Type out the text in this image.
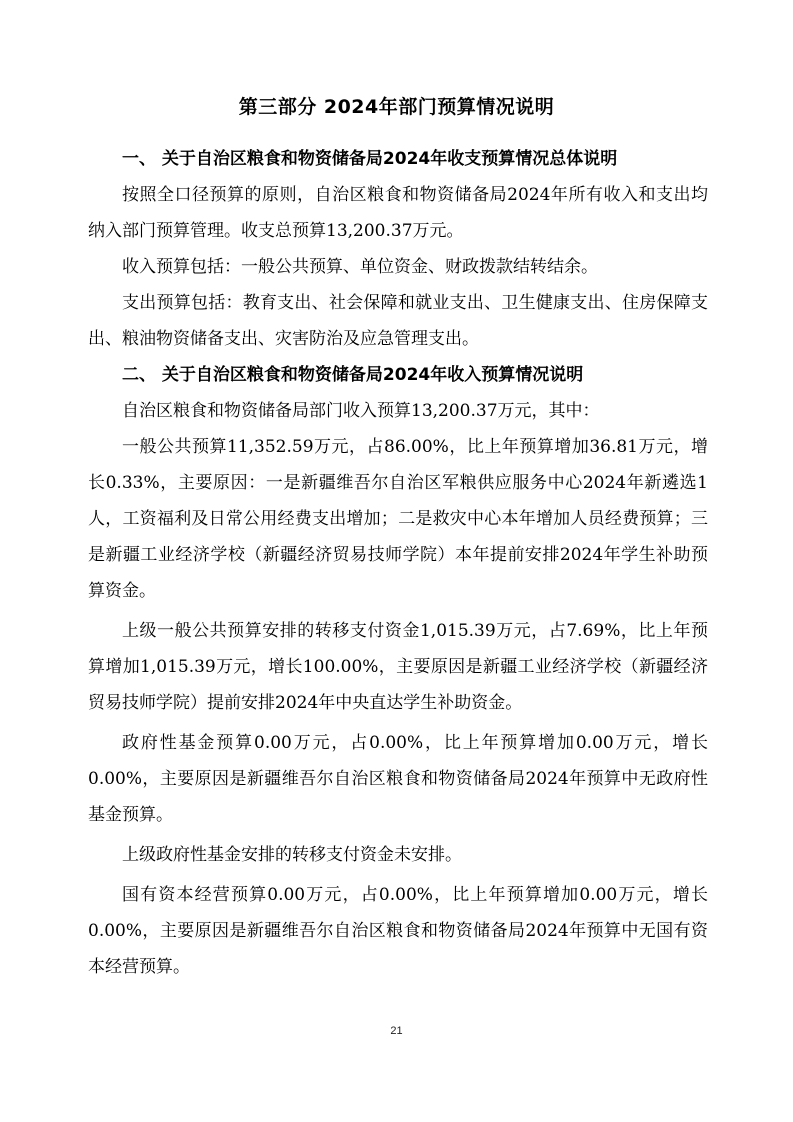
第三部分 2024年部门预算情况说明
一、 关于自治区粮食和物资储备局2024年收支预算情况总体说明

按照全口径预算的原则，自治区粮食和物资储备局2024年所有收入和支出均纳入部门预算管理。收支总预算13,200.37万元。

收入预算包括：一般公共预算、单位资金、财政拨款结转结余。

支出预算包括：教育支出、社会保障和就业支出、卫生健康支出、住房保障支出、粮油物资储备支出、灾害防治及应急管理支出。

二、 关于自治区粮食和物资储备局2024年收入预算情况说明

自治区粮食和物资储备局部门收入预算13,200.37万元，其中：

一般公共预算11,352.59万元，占86.00%，比上年预算增加36.81万元，增长0.33%，主要原因：一是新疆维吾尔自治区军粮供应服务中心2024年新遴选1人，工资福利及日常公用经费支出增加；二是救灾中心本年增加人员经费预算；三是新疆工业经济学校（新疆经济贸易技师学院）本年提前安排2024年学生补助预算资金。

上级一般公共预算安排的转移支付资金1,015.39万元，占7.69%，比上年预算增加1,015.39万元，增长100.00%，主要原因是新疆工业经济学校（新疆经济贸易技师学院）提前安排2024年中央直达学生补助资金。

政府性基金预算0.00万元，占0.00%，比上年预算增加0.00万元，增长0.00%，主要原因是新疆维吾尔自治区粮食和物资储备局2024年预算中无政府性基金预算。

上级政府性基金安排的转移支付资金未安排。

国有资本经营预算0.00万元，占0.00%，比上年预算增加0.00万元，增长0.00%，主要原因是新疆维吾尔自治区粮食和物资储备局2024年预算中无国有资本经营预算。

21
